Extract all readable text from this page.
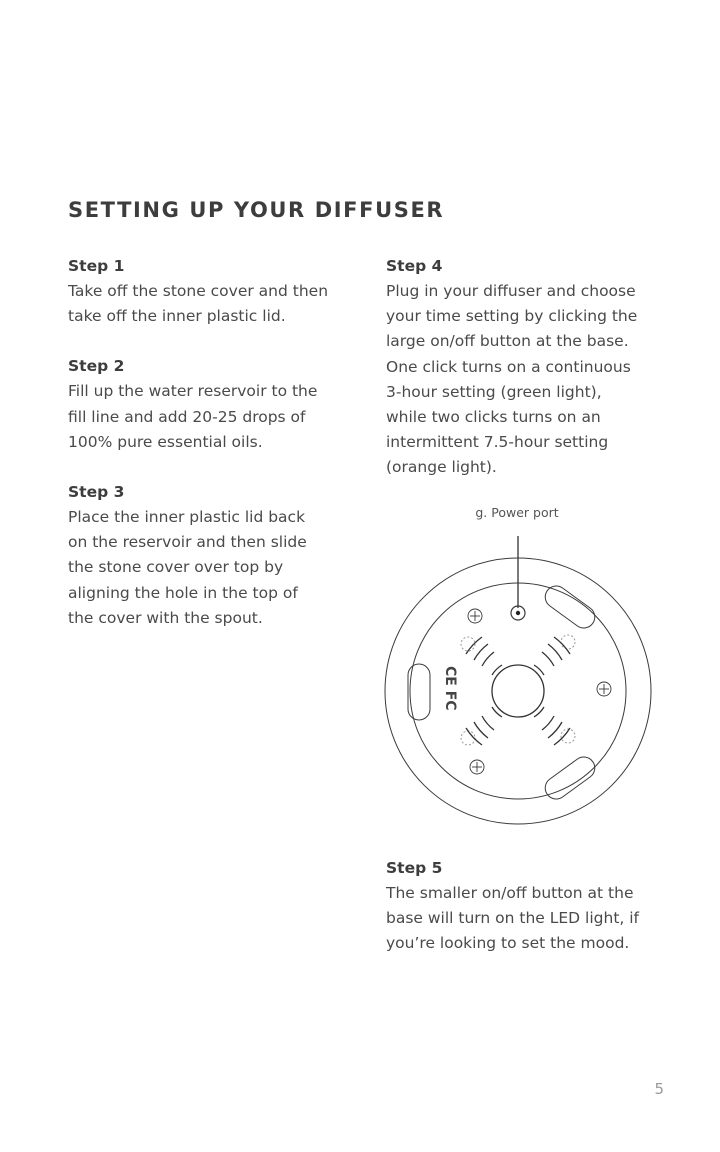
SETTING UP YOUR DIFFUSER
Step 1

Take off the stone cover and then
take off the inner plastic lid.

Step 2

Fill up the water reservoir to the
fill line and add 20-25 drops of
100% pure essential oils.

Step 3

Place the inner plastic lid back
on the reservoir and then slide
the stone cover over top by
aligning the hole in the top of
the cover with the spout.

Step 4

Plug in your diffuser and choose
your time setting by clicking the
large on/off button at the base.
One click turns on a continuous
3-hour setting (green light),
while two clicks turns on an
intermittent 7.5-hour setting
(orange light).

g. Power port
CE FC
Step 5

The smaller on/off button at the
base will turn on the LED light, if
you’re looking to set the mood.

5
